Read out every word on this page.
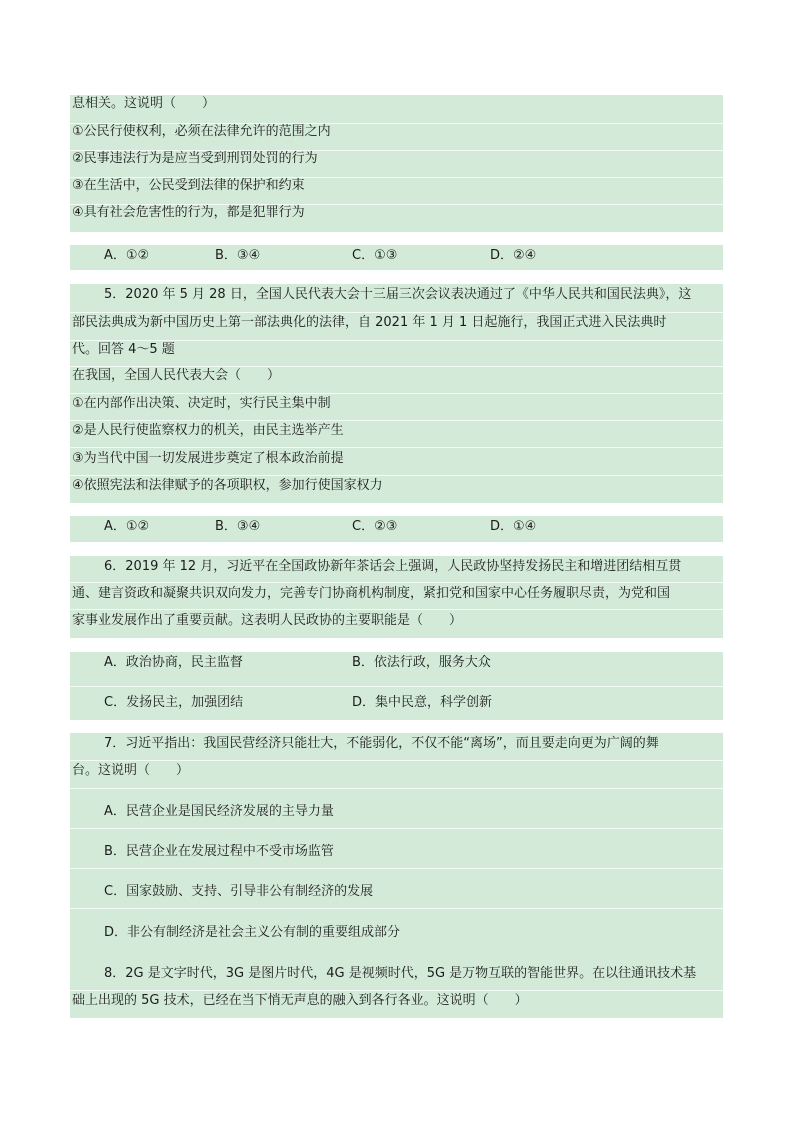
息相关。这说明（　　）
①公民行使权利，必须在法律允许的范围之内
②民事违法行为是应当受到刑罚处罚的行为
③在生活中，公民受到法律的保护和约束
④具有社会危害性的行为，都是犯罪行为
A．①②	B．③④	C．①③	D．②④
5．2020 年 5 月 28 日，全国人民代表大会十三届三次会议表决通过了《中华人民共和国民法典》，这
部民法典成为新中国历史上第一部法典化的法律，自 2021 年 1 月 1 日起施行，我国正式进入民法典时
代。回答 4～5 题
在我国，全国人民代表大会（　　）
①在内部作出决策、决定时，实行民主集中制
②是人民行使监察权力的机关，由民主选举产生
③为当代中国一切发展进步奠定了根本政治前提
④依照宪法和法律赋予的各项职权，参加行使国家权力
A．①②	B．③④	C．②③	D．①④
6．2019 年 12 月，习近平在全国政协新年茶话会上强调，人民政协坚持发扬民主和增进团结相互贯
通、建言资政和凝聚共识双向发力，完善专门协商机构制度，紧扣党和国家中心任务履职尽责，为党和国
家事业发展作出了重要贡献。这表明人民政协的主要职能是（　　）
A．政治协商，民主监督	B．依法行政，服务大众
C．发扬民主，加强团结	D．集中民意，科学创新
7．习近平指出：我国民营经济只能壮大，不能弱化，不仅不能“离场”，而且要走向更为广阔的舞
台。这说明（　　）
A．民营企业是国民经济发展的主导力量
B．民营企业在发展过程中不受市场监管
C．国家鼓励、支持、引导非公有制经济的发展
D．非公有制经济是社会主义公有制的重要组成部分
8．2G 是文字时代，3G 是图片时代，4G 是视频时代，5G 是万物互联的智能世界。在以往通讯技术基
础上出现的 5G 技术，已经在当下悄无声息的融入到各行各业。这说明（　　）
